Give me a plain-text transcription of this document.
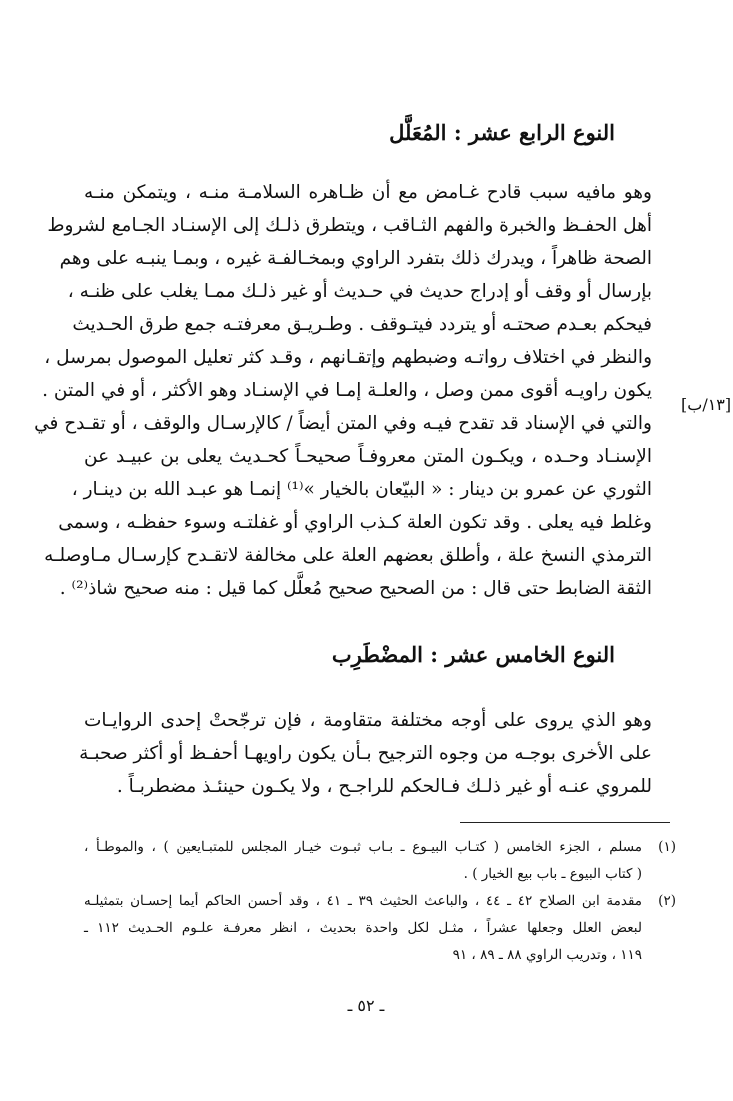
النوع الرابع عشر : المُعَلَّل
وهو مافيه سبب قادح غـامض مع أن ظـاهره السلامـة منـه ، ويتمكن منـه
أهل الحفـظ والخبرة والفهم الثـاقب ، ويتطرق ذلـك إلى الإسنـاد الجـامع لشروط
الصحة ظاهراً ، ويدرك ذلك بتفرد الراوي وبمخـالفـة غيره ، وبمـا ينبـه على وهم
بإرسال أو وقف أو إدراج حديث في حـديث أو غير ذلـك ممـا يغلب على ظنـه ،
فيحكم بعـدم صحتـه أو يتردد فيتـوقف . وطـريـق معرفتـه جمع طرق الحـديث
والنظر في اختلاف رواتـه وضبطهم وإتقـانهم ، وقـد كثر تعليل الموصول بمرسل ،
يكون راويـه أقوى ممن وصل ، والعلـة إمـا في الإسنـاد وهو الأكثر ، أو في المتن .
والتي في الإسناد قد تقدح فيـه وفي المتن أيضاً / كالإرسـال والوقف ، أو تقـدح في
الإسنـاد وحـده ، ويكـون المتن معروفـاً صحيحـاً كحـديث يعلى بن عبيـد عن
الثوري عن عمرو بن دينار : « البيّعان بالخيار »⁽¹⁾ إنمـا هو عبـد الله بن دينـار ،
وغلط فيه يعلى . وقد تكون العلة كـذب الراوي أو غفلتـه وسوء حفظـه ، وسمى
الترمذي النسخ علة ، وأطلق بعضهم العلة على مخالفة لاتقـدح كإرسـال مـاوصلـه
الثقة الضابط حتى قال : من الصحيح صحيح مُعلَّل كما قيل : منه صحيح شاذ⁽²⁾ .
[١٣/ب]
النوع الخامس عشر : المضْطَرِب
وهو الذي يروى على أوجه مختلفة متقاومة ، فإن ترجّحتْ إحدى الروايـات
على الأخرى بوجـه من وجوه الترجيح بـأن يكون راويهـا أحفـظ أو أكثر صحبـة
للمروي عنـه أو غير ذلـك فـالحكم للراجـح ، ولا يكـون حينئـذ مضطربـاً .
(١)
مسلم ، الجزء الخامس ( كتـاب البيـوع ـ بـاب ثبـوت خيـار المجلس للمتبـايعين ) ، والموطـأ ،
( كتاب البيوع ـ باب بيع الخيار ) .
(٢)
مقدمة ابن الصلاح ٤٢ ـ ٤٤ ، والباعث الحثيث ٣٩ ـ ٤١ ، وقد أحسن الحاكم أيما إحسـان بتمثيلـه
لبعض العلل وجعلها عشراً ، مثـل لكل واحدة بحديث ، انظر معرفـة علـوم الحـديث ١١٢ ـ
١١٩ ، وتدريب الراوي ٨٨ ـ ٨٩ ، ٩١
ـ ٥٢ ـ
